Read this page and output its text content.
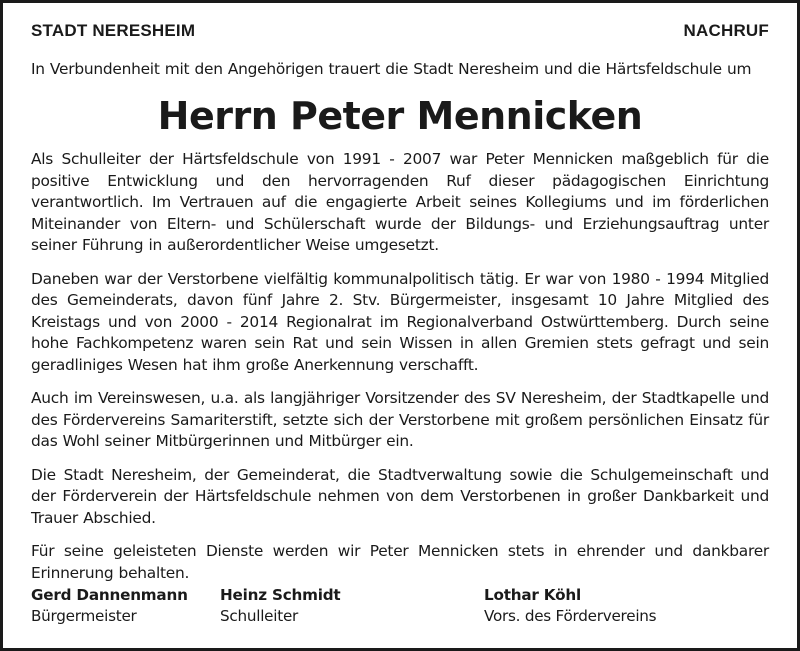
STADT NERESHEIM	NACHRUF

In Verbundenheit mit den Angehörigen trauert die Stadt Neresheim und die Härtsfeldschule um

Herrn Peter Mennicken

Als Schulleiter der Härtsfeldschule von 1991 - 2007 war Peter Mennicken maßgeblich für die positive Entwicklung und den hervorragenden Ruf dieser pädagogischen Einrichtung verantwortlich. Im Vertrauen auf die engagierte Arbeit seines Kollegiums und im förderlichen Miteinander von Eltern- und Schülerschaft wurde der Bildungs- und Erziehungsauftrag unter seiner Führung in außerordentlicher Weise umgesetzt.

Daneben war der Verstorbene vielfältig kommunalpolitisch tätig. Er war von 1980 - 1994 Mitglied des Gemeinderats, davon fünf Jahre 2. Stv. Bürgermeister, insgesamt 10 Jahre Mitglied des Kreistags und von 2000 - 2014 Regionalrat im Regionalverband Ostwürttemberg. Durch seine hohe Fachkompetenz waren sein Rat und sein Wissen in allen Gremien stets gefragt und sein geradliniges Wesen hat ihm große Anerkennung verschafft.

Auch im Vereinswesen, u.a. als langjähriger Vorsitzender des SV Neresheim, der Stadtkapelle und des Fördervereins Samariterstift, setzte sich der Verstorbene mit großem persönlichen Einsatz für das Wohl seiner Mitbürgerinnen und Mitbürger ein.

Die Stadt Neresheim, der Gemeinderat, die Stadtverwaltung sowie die Schulgemeinschaft und der Förderverein der Härtsfeldschule nehmen von dem Verstorbenen in großer Dankbarkeit und Trauer Abschied.

Für seine geleisteten Dienste werden wir Peter Mennicken stets in ehrender und dankbarer Erinnerung behalten.

Gerd Dannenmann
Bürgermeister
Heinz Schmidt
Schulleiter
Lothar Köhl
Vors. des Fördervereins
